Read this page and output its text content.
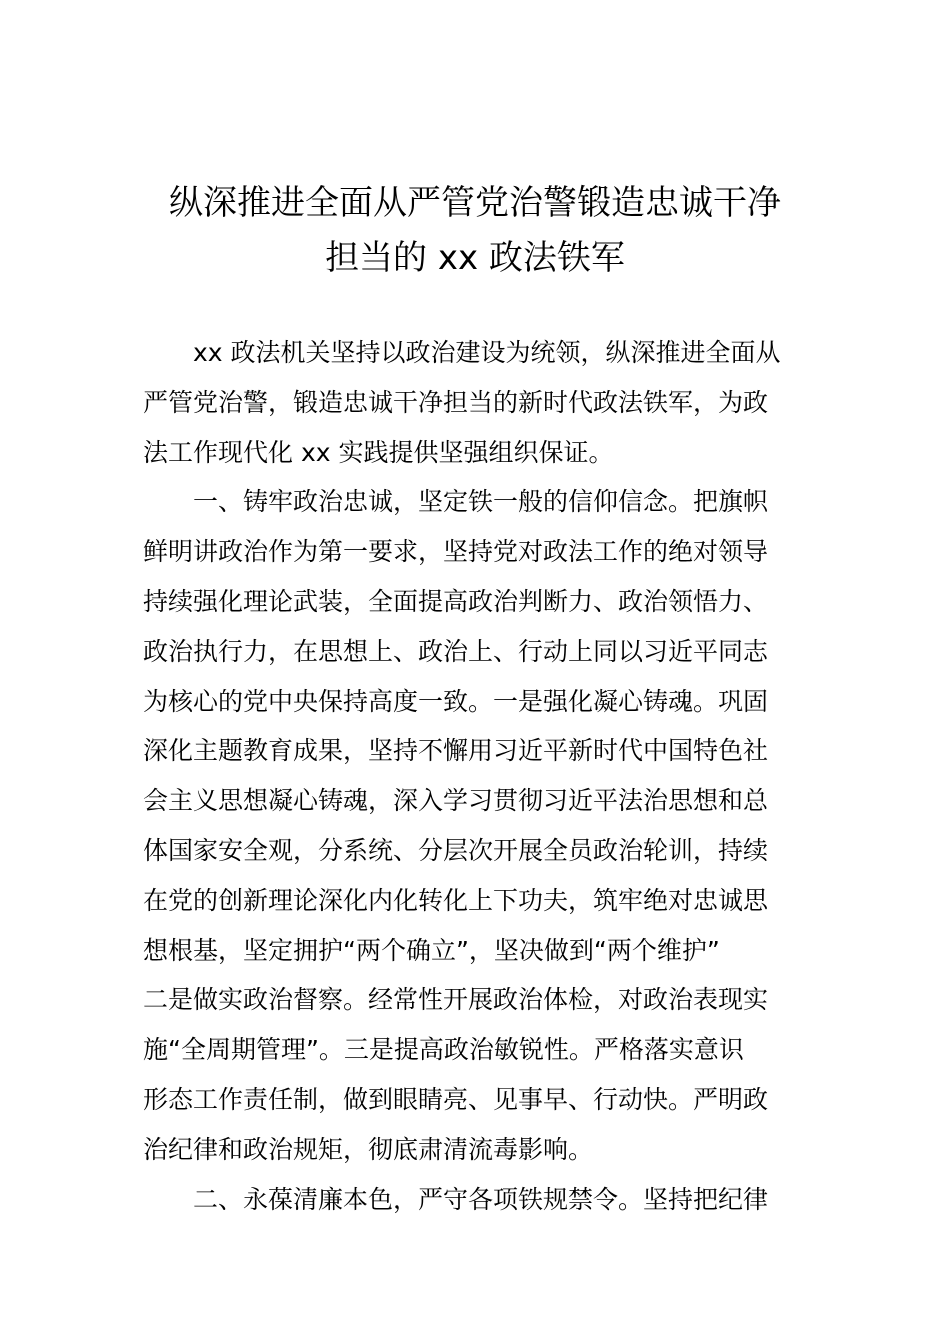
纵深推进全面从严管党治警锻造忠诚干净
担当的 xx 政法铁军
xx 政法机关坚持以政治建设为统领，纵深推进全面从
严管党治警，锻造忠诚干净担当的新时代政法铁军，为政
法工作现代化 xx 实践提供坚强组织保证。
一、铸牢政治忠诚，坚定铁一般的信仰信念。把旗帜
鲜明讲政治作为第一要求，坚持党对政法工作的绝对领导
持续强化理论武装，全面提高政治判断力、政治领悟力、
政治执行力，在思想上、政治上、行动上同以习近平同志
为核心的党中央保持高度一致。一是强化凝心铸魂。巩固
深化主题教育成果，坚持不懈用习近平新时代中国特色社
会主义思想凝心铸魂，深入学习贯彻习近平法治思想和总
体国家安全观，分系统、分层次开展全员政治轮训，持续
在党的创新理论深化内化转化上下功夫，筑牢绝对忠诚思
想根基，坚定拥护“两个确立”，坚决做到“两个维护”
二是做实政治督察。经常性开展政治体检，对政治表现实
施“全周期管理”。三是提高政治敏锐性。严格落实意识
形态工作责任制，做到眼睛亮、见事早、行动快。严明政
治纪律和政治规矩，彻底肃清流毒影响。
二、永葆清廉本色，严守各项铁规禁令。坚持把纪律
